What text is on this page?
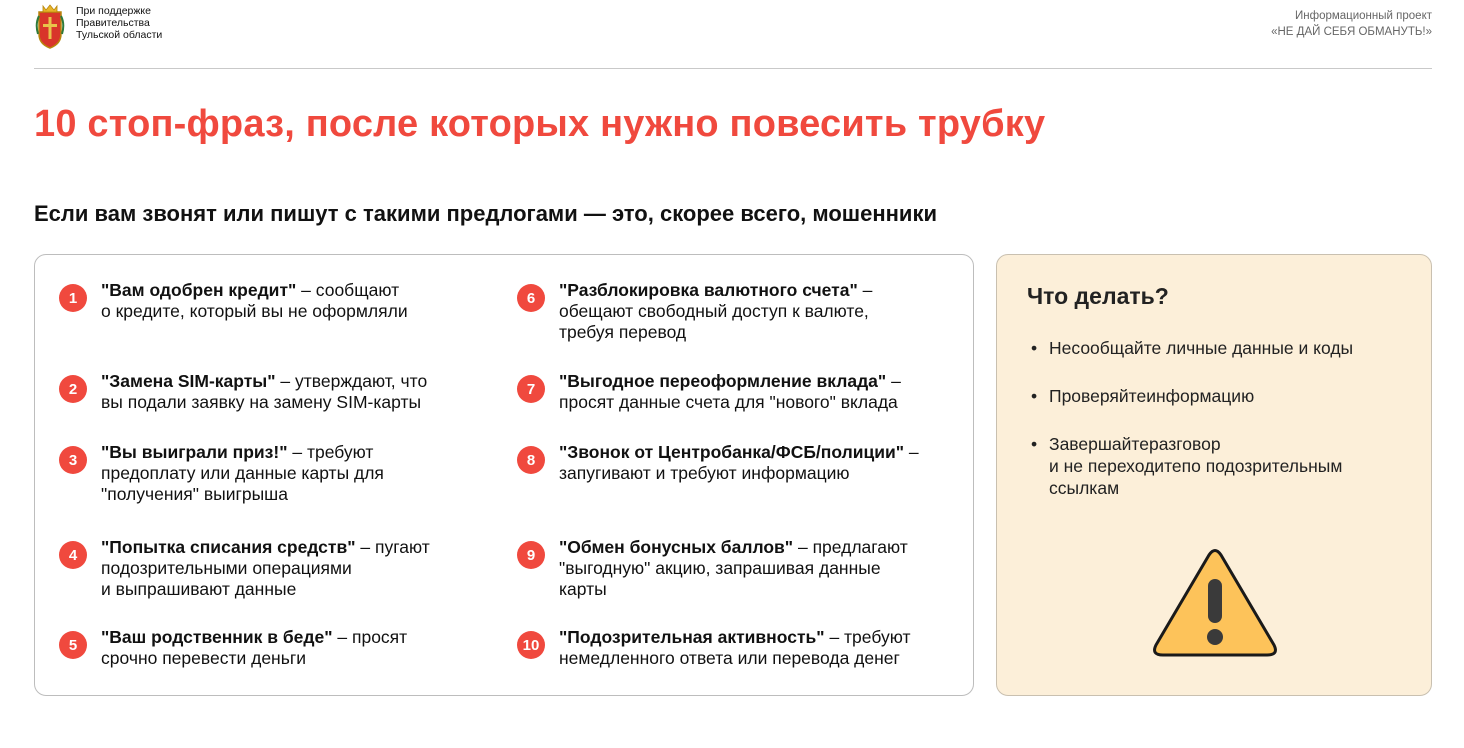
При поддержке
Правительства
Тульской области
Информационный проект
«НЕ ДАЙ СЕБЯ ОБМАНУТЬ!»
10 стоп-фраз, после которых нужно повесить трубку
Если вам звонят или пишут с такими предлогами — это, скорее всего, мошенники
1	"Вам одобрен кредит" – сообщают
о кредите, который вы не оформляли
2	"Замена SIM-карты" – утверждают, что
вы подали заявку на замену SIM-карты
3	"Вы выиграли приз!" – требуют
предоплату или данные карты для
"получения" выигрыша
4	"Попытка списания средств" – пугают
подозрительными операциями
и выпрашивают данные
5	"Ваш родственник в беде" – просят
срочно перевести деньги
6	"Разблокировка валютного счета" –
обещают свободный доступ к валюте,
требуя перевод
7	"Выгодное переоформление вклада" –
просят данные счета для "нового" вклада
8	"Звонок от Центробанка/ФСБ/полиции" –
запугивают и требуют информацию
9	"Обмен бонусных баллов" – предлагают
"выгодную" акцию, запрашивая данные
карты
10	"Подозрительная активность" – требуют
немедленного ответа или перевода денег
Что делать?
• Несообщайте личные данные и коды
• Проверяйтеинформацию
• Завершайтеразговор
и не переходитепо подозрительным
ссылкам
